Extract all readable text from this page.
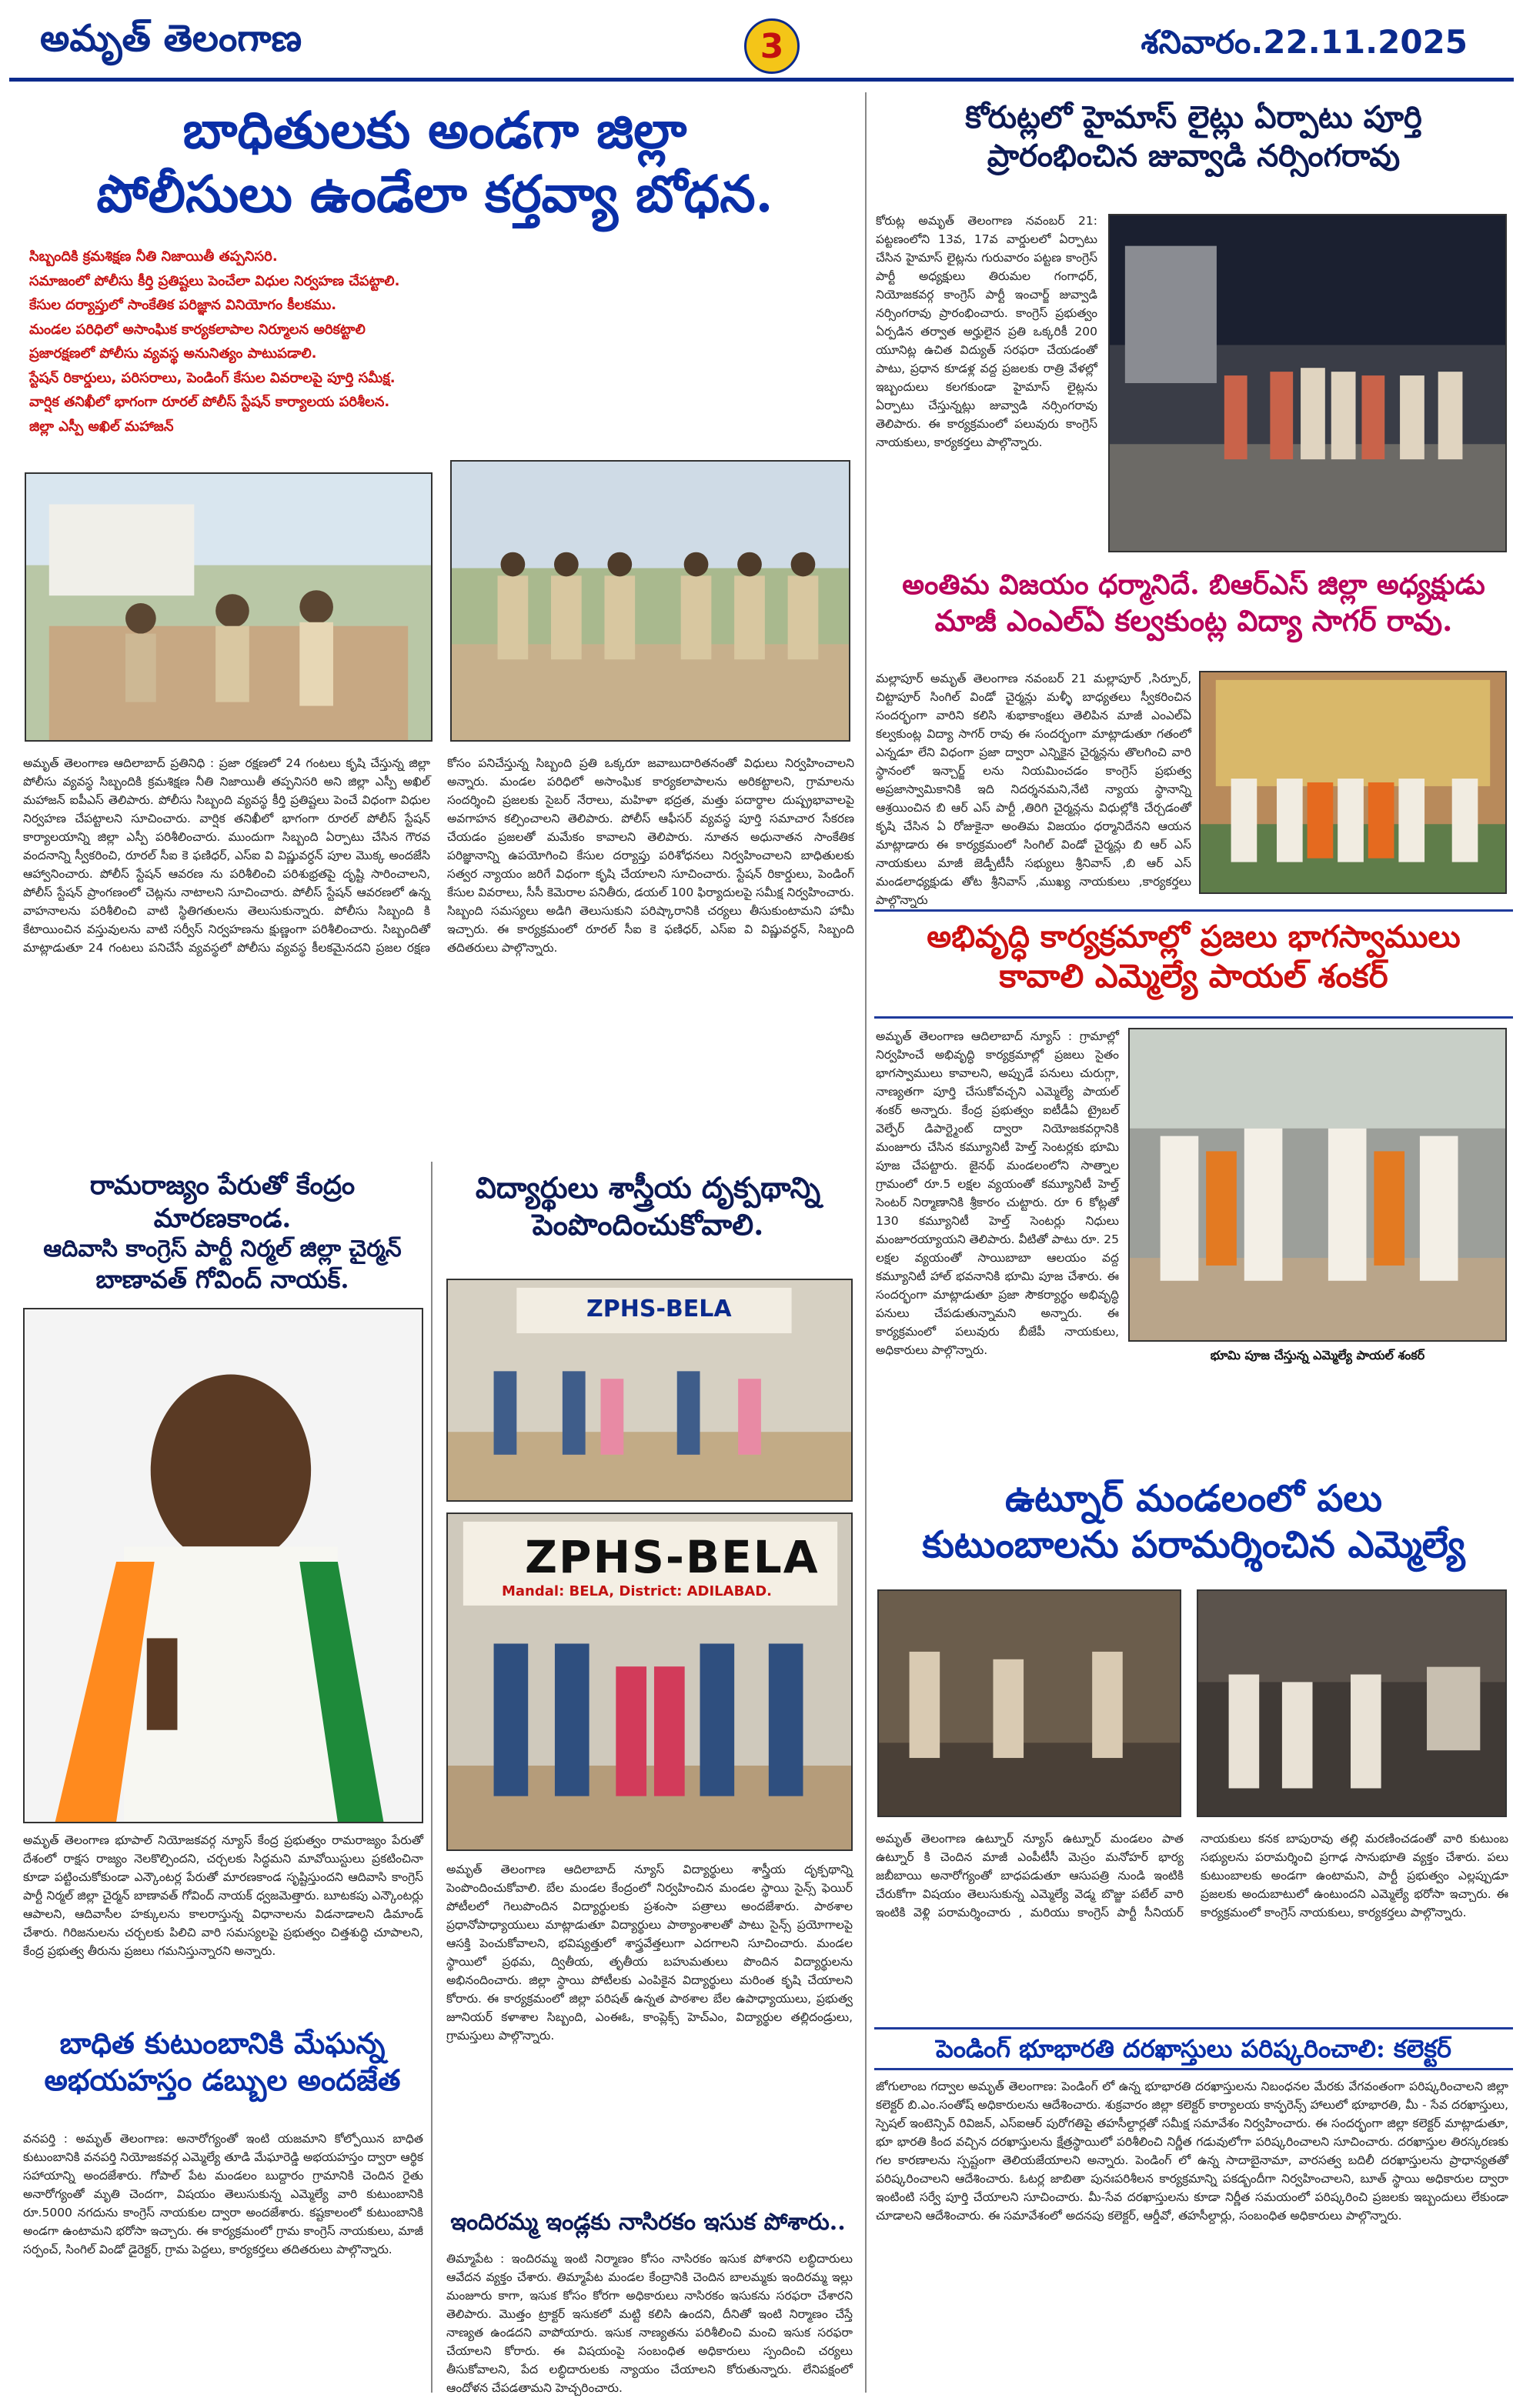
అమృత్ తెలంగాణ	3	శనివారం.22.11.2025
బాధితులకు అండగా జిల్లా
పోలీసులు ఉండేలా కర్తవ్యా బోధన.
సిబ్బందికి క్రమశిక్షణ నీతి నిజాయితీ తప్పనిసరి.
సమాజంలో పోలీసు కీర్తి ప్రతిష్టలు పెంచేలా విధుల నిర్వహణ చేపట్టాలి.
కేసుల దర్యాప్తులో సాంకేతిక పరిజ్ఞాన వినియోగం కీలకము.
మండల పరిధిలో అసాంఘిక కార్యకలాపాల నిర్మూలన అరికట్టాలి
ప్రజారక్షణలో పోలీసు వ్యవస్థ అనునిత్యం పాటుపడాలి.
స్టేషన్ రికార్డులు, పరిసరాలు, పెండింగ్ కేసుల వివరాలపై పూర్తి సమీక్ష.
వార్షిక తనిఖీలో భాగంగా రూరల్ పోలీస్ స్టేషన్ కార్యాలయ పరిశీలన.
జిల్లా ఎస్పీ అఖిల్ మహాజన్
అమృత్ తెలంగాణ ఆదిలాబాద్ ప్రతినిధి : ప్రజా రక్షణలో 24 గంటలు కృషి చేస్తున్న జిల్లా పోలీసు వ్యవస్థ సిబ్బందికి క్రమశిక్షణ నీతి నిజాయితీ తప్పనిసరి అని జిల్లా ఎస్పీ అఖిల్ మహాజన్ ఐపీఎస్ తెలిపారు. పోలీసు సిబ్బంది వ్యవస్థ కీర్తి ప్రతిష్టలు పెంచే విధంగా విధుల నిర్వహణ చేపట్టాలని సూచించారు. వార్షిక తనిఖీలో భాగంగా రూరల్ పోలీస్ స్టేషన్ కార్యాలయాన్ని జిల్లా ఎస్పీ పరిశీలించారు. ముందుగా సిబ్బంది ఏర్పాటు చేసిన గౌరవ వందనాన్ని స్వీకరించి, రూరల్ సీఐ కె ఫణిధర్, ఎస్ఐ వి విష్ణువర్ధన్ పూల మొక్క అందజేసి ఆహ్వానించారు. పోలీస్ స్టేషన్ ఆవరణ ను పరిశీలించి పరిశుభ్రతపై దృష్టి సారించాలని, పోలీస్ స్టేషన్ ప్రాంగణంలో చెట్లను నాటాలని సూచించారు. పోలీస్ స్టేషన్ ఆవరణలో ఉన్న వాహనాలను పరిశీలించి వాటి స్థితిగతులను తెలుసుకున్నారు. పోలీసు సిబ్బంది కి కేటాయించిన వస్తువులను వాటి సర్వీస్ నిర్వహణను క్షుణ్ణంగా పరిశీలించారు. సిబ్బందితో మాట్లాడుతూ 24 గంటలు పనిచేసే వ్యవస్థలో పోలీసు వ్యవస్థ కీలకమైనదని ప్రజల రక్షణ కోసం పనిచేస్తున్న సిబ్బంది ప్రతి ఒక్కరూ జవాబుదారితనంతో విధులు నిర్వహించాలని అన్నారు. మండల పరిధిలో అసాంఘిక కార్యకలాపాలను అరికట్టాలని, గ్రామాలను సందర్శించి ప్రజలకు సైబర్ నేరాలు, మహిళా భద్రత, మత్తు పదార్థాల దుష్ప్రభావాలపై అవగాహన కల్పించాలని తెలిపారు. పోలీస్ ఆఫీసర్ వ్యవస్థ పూర్తి సమాచార సేకరణ చేయడం ప్రజలతో మమేకం కావాలని తెలిపారు. నూతన అధునాతన సాంకేతిక పరిజ్ఞానాన్ని ఉపయోగించి కేసుల దర్యాప్తు పరిశోధనలు నిర్వహించాలని బాధితులకు సత్వర న్యాయం జరిగే విధంగా కృషి చేయాలని సూచించారు. స్టేషన్ రికార్డులు, పెండింగ్ కేసుల వివరాలు, సీసీ కెమెరాల పనితీరు, డయల్ 100 ఫిర్యాదులపై సమీక్ష నిర్వహించారు. సిబ్బంది సమస్యలు అడిగి తెలుసుకుని పరిష్కారానికి చర్యలు తీసుకుంటామని హామీ ఇచ్చారు. ఈ కార్యక్రమంలో రూరల్ సీఐ కె ఫణిధర్, ఎస్ఐ వి విష్ణువర్ధన్, సిబ్బంది తదితరులు పాల్గొన్నారు.
కోరుట్లలో హైమాస్ లైట్లు ఏర్పాటు పూర్తి
ప్రారంభించిన జువ్వాడి నర్సింగరావు
కోరుట్ల అమృత్ తెలంగాణ నవంబర్ 21: పట్టణంలోని 13వ, 17వ వార్డులలో ఏర్పాటు చేసిన హైమాస్ లైట్లను గురువారం పట్టణ కాంగ్రెస్ పార్టీ అధ్యక్షులు తిరుమల గంగాధర్, నియోజకవర్గ కాంగ్రెస్ పార్టీ ఇంచార్జ్ జువ్వాడి నర్సింగరావు ప్రారంభించారు. కాంగ్రెస్ ప్రభుత్వం ఏర్పడిన తర్వాత అర్హులైన ప్రతి ఒక్కరికీ 200 యూనిట్ల ఉచిత విద్యుత్ సరఫరా చేయడంతో పాటు, ప్రధాన కూడళ్ల వద్ద ప్రజలకు రాత్రి వేళల్లో ఇబ్బందులు కలగకుండా హైమాస్ లైట్లను ఏర్పాటు చేస్తున్నట్లు జువ్వాడి నర్సింగరావు తెలిపారు. ఈ కార్యక్రమంలో పలువురు కాంగ్రెస్ నాయకులు, కార్యకర్తలు పాల్గొన్నారు.
అంతిమ విజయం ధర్మానిదే. బిఆర్ఎస్ జిల్లా అధ్యక్షుడు
మాజీ ఎంఎల్ఏ కల్వకుంట్ల విద్యా సాగర్ రావు.
మల్లాపూర్ అమృత్ తెలంగాణ నవంబర్ 21 మల్లాపూర్ ,సిర్పూర్, చిట్టాపూర్ సింగిల్ విండో చైర్మన్లు మళ్ళీ బాధ్యతలు స్వీకరించిన సందర్భంగా వారిని కలిసి శుభాకాంక్షలు తెలిపిన మాజీ ఎంఎల్ఏ కల్వకుంట్ల విద్యా సాగర్ రావు ఈ సందర్భంగా మాట్లాడుతూ గతంలో ఎన్నడూ లేని విధంగా ప్రజా ద్వారా ఎన్నికైన చైర్మన్లను తొలగించి వారి స్థానంలో ఇన్చార్జ్ లను నియమించడం కాంగ్రెస్ ప్రభుత్వ అప్రజాస్వామికానికి ఇది నిదర్శనమని,నేటి న్యాయ స్థానాన్ని ఆశ్రయించిన బి ఆర్ ఎస్ పార్టీ ,తిరిగి చైర్మన్లను విధుల్లోకి చేర్చడంతో కృషి చేసిన ఏ రోజుకైనా అంతిమ విజయం ధర్మానిదేనని ఆయన మాట్లాడారు ఈ కార్యక్రమంలో సింగిల్ విండో చైర్మన్లు బి ఆర్ ఎస్ నాయకులు మాజీ జెడ్పీటీసీ సభ్యులు శ్రీనివాస్ ,బి ఆర్ ఎస్ మండలాధ్యక్షుడు తోట శ్రీనివాస్ ,ముఖ్య నాయకులు ,కార్యకర్తలు పాల్గొన్నారు
అభివృద్ధి కార్యక్రమాల్లో ప్రజలు భాగస్వాములు
కావాలి ఎమ్మెల్యే పాయల్ శంకర్
అమృత్ తెలంగాణ ఆదిలాబాద్ న్యూస్ : గ్రామాల్లో నిర్వహించే అభివృద్ధి కార్యక్రమాల్లో ప్రజలు సైతం భాగస్వాములు కావాలని, అప్పుడే పనులు చురుగ్గా, నాణ్యతగా పూర్తి చేసుకోవచ్చని ఎమ్మెల్యే పాయల్ శంకర్ అన్నారు. కేంద్ర ప్రభుత్వం ఐటీడీఏ ట్రైబల్ వెల్ఫేర్ డిపార్ట్మెంట్ ద్వారా నియోజకవర్గానికి మంజూరు చేసిన కమ్యూనిటీ హెల్త్ సెంటర్లకు భూమి పూజ చేపట్టారు. జైనథ్ మండలంలోని సాత్నాల గ్రామంలో రూ.5 లక్షల వ్యయంతో కమ్యూనిటీ హెల్త్ సెంటర్ నిర్మాణానికి శ్రీకారం చుట్టారు. రూ 6 కోట్లతో 130 కమ్యూనిటీ హెల్త్ సెంటర్లు నిధులు మంజూరయ్యాయని తెలిపారు. వీటితో పాటు రూ. 25 లక్షల వ్యయంతో సాయిబాబా ఆలయం వద్ద కమ్యూనిటీ హాల్ భవనానికి భూమి పూజ చేశారు. ఈ సందర్భంగా మాట్లాడుతూ ప్రజా సౌకర్యార్థం అభివృద్ధి పనులు చేపడుతున్నామని అన్నారు. ఈ కార్యక్రమంలో పలువురు బీజేపీ నాయకులు, అధికారులు పాల్గొన్నారు.	భూమి పూజ చేస్తున్న ఎమ్మెల్యే పాయల్ శంకర్
ఉట్నూర్ మండలంలో పలు
కుటుంబాలను పరామర్శించిన ఎమ్మెల్యే
అమృత్ తెలంగాణ ఉట్నూర్ న్యూస్ ఉట్నూర్ మండలం పాత ఉట్నూర్ కి చెందిన మాజీ ఎంపీటీసీ మెస్రం మనోహర్ భార్య జబీబాయి అనారోగ్యంతో బాధపడుతూ ఆసుపత్రి నుండి ఇంటికి చేరుకోగా విషయం తెలుసుకున్న ఎమ్మెల్యే వెడ్మ బొజ్జు పటేల్ వారి ఇంటికి వెళ్లి పరామర్శించారు , మరియు కాంగ్రెస్ పార్టీ సీనియర్ నాయకులు కనక బాపురావు తల్లి మరణించడంతో వారి కుటుంబ సభ్యులను పరామర్శించి ప్రగాఢ సానుభూతి వ్యక్తం చేశారు. పలు కుటుంబాలకు అండగా ఉంటామని, పార్టీ ప్రభుత్వం ఎల్లప్పుడూ ప్రజలకు అందుబాటులో ఉంటుందని ఎమ్మెల్యే భరోసా ఇచ్చారు. ఈ కార్యక్రమంలో కాంగ్రెస్ నాయకులు, కార్యకర్తలు పాల్గొన్నారు.
పెండింగ్ భూభారతి దరఖాస్తులు పరిష్కరించాలి: కలెక్టర్
జోగులాంబ గద్వాల అమృత్ తెలంగాణ: పెండింగ్ లో ఉన్న భూభారతి దరఖాస్తులను నిబంధనల మేరకు వేగవంతంగా పరిష్కరించాలని జిల్లా కలెక్టర్ బి.ఎం.సంతోష్ అధికారులను ఆదేశించారు. శుక్రవారం జిల్లా కలెక్టర్ కార్యాలయ కాన్ఫరెన్స్ హాలులో భూభారతి, మీ - సేవ దరఖాస్తులు, స్పెషల్ ఇంటెన్సివ్ రివిజన్, ఎస్ఐఆర్ పురోగతిపై తహసీల్దార్లతో సమీక్ష సమావేశం నిర్వహించారు. ఈ సందర్భంగా జిల్లా కలెక్టర్ మాట్లాడుతూ, భూ భారతి కింద వచ్చిన దరఖాస్తులను క్షేత్రస్థాయిలో పరిశీలించి నిర్ణీత గడువులోగా పరిష్కరించాలని సూచించారు. దరఖాస్తుల తిరస్కరణకు గల కారణాలను స్పష్టంగా తెలియజేయాలని అన్నారు. పెండింగ్ లో ఉన్న సాదాబైనామా, వారసత్వ బదిలీ దరఖాస్తులను ప్రాధాన్యతతో పరిష్కరించాలని ఆదేశించారు. ఓటర్ల జాబితా పునఃపరిశీలన కార్యక్రమాన్ని పకడ్బందీగా నిర్వహించాలని, బూత్ స్థాయి అధికారుల ద్వారా ఇంటింటి సర్వే పూర్తి చేయాలని సూచించారు. మీ-సేవ దరఖాస్తులను కూడా నిర్ణీత సమయంలో పరిష్కరించి ప్రజలకు ఇబ్బందులు లేకుండా చూడాలని ఆదేశించారు. ఈ సమావేశంలో అదనపు కలెక్టర్, ఆర్డీవో, తహసీల్దార్లు, సంబంధిత అధికారులు పాల్గొన్నారు.
రామరాజ్యం పేరుతో కేంద్రం మారణకాండ.
ఆదివాసి కాంగ్రెస్ పార్టీ నిర్మల్ జిల్లా చైర్మన్
బాణావత్ గోవింద్ నాయక్.
అమృత్ తెలంగాణ భూపాల్ నియోజకవర్గ న్యూస్ కేంద్ర ప్రభుత్వం రామరాజ్యం పేరుతో దేశంలో రాక్షస రాజ్యం నెలకొల్పిందని, చర్చలకు సిద్ధమని మావోయిస్టులు ప్రకటించినా కూడా పట్టించుకోకుండా ఎన్కౌంటర్ల పేరుతో మారణకాండ సృష్టిస్తుందని ఆదివాసి కాంగ్రెస్ పార్టీ నిర్మల్ జిల్లా చైర్మన్ బాణావత్ గోవింద్ నాయక్ ధ్వజమెత్తారు. బూటకపు ఎన్కౌంటర్లు ఆపాలని, ఆదివాసీల హక్కులను కాలరాస్తున్న విధానాలను విడనాడాలని డిమాండ్ చేశారు. గిరిజనులను చర్చలకు పిలిచి వారి సమస్యలపై ప్రభుత్వం చిత్తశుద్ధి చూపాలని, కేంద్ర ప్రభుత్వ తీరును ప్రజలు గమనిస్తున్నారని అన్నారు.
బాధిత కుటుంబానికి మేఘన్న
అభయహస్తం డబ్బుల అందజేత
వనపర్తి : అమృత్ తెలంగాణ: అనారోగ్యంతో ఇంటి యజమాని కోల్పోయిన బాధిత కుటుంబానికి వనపర్తి నియోజకవర్గ ఎమ్మెల్యే తూడి మేఘారెడ్డి అభయహస్తం ద్వారా ఆర్థిక సహాయాన్ని అందజేశారు. గోపాల్ పేట మండలం బుద్దారం గ్రామానికి చెందిన రైతు అనారోగ్యంతో మృతి చెందగా, విషయం తెలుసుకున్న ఎమ్మెల్యే వారి కుటుంబానికి రూ.5000 నగదును కాంగ్రెస్ నాయకుల ద్వారా అందజేశారు. కష్టకాలంలో కుటుంబానికి అండగా ఉంటామని భరోసా ఇచ్చారు. ఈ కార్యక్రమంలో గ్రామ కాంగ్రెస్ నాయకులు, మాజీ సర్పంచ్, సింగిల్ విండో డైరెక్టర్, గ్రామ పెద్దలు, కార్యకర్తలు తదితరులు పాల్గొన్నారు.
విద్యార్థులు శాస్త్రీయ దృక్పథాన్ని
పెంపొందించుకోవాలి.
ZPHS-BELA
ZPHS-BELA
Mandal: BELA, District: ADILABAD.
అమృత్ తెలంగాణ ఆదిలాబాద్ న్యూస్ విద్యార్థులు శాస్త్రీయ దృక్పథాన్ని పెంపొందించుకోవాలి. బేల మండల కేంద్రంలో నిర్వహించిన మండల స్థాయి సైన్స్ ఫెయిర్ పోటీలలో గెలుపొందిన విద్యార్థులకు ప్రశంసా పత్రాలు అందజేశారు. పాఠశాల ప్రధానోపాధ్యాయులు మాట్లాడుతూ విద్యార్థులు పాఠ్యాంశాలతో పాటు సైన్స్ ప్రయోగాలపై ఆసక్తి పెంచుకోవాలని, భవిష్యత్తులో శాస్త్రవేత్తలుగా ఎదగాలని సూచించారు. మండల స్థాయిలో ప్రథమ, ద్వితీయ, తృతీయ బహుమతులు పొందిన విద్యార్థులను అభినందించారు. జిల్లా స్థాయి పోటీలకు ఎంపికైన విద్యార్థులు మరింత కృషి చేయాలని కోరారు. ఈ కార్యక్రమంలో జిల్లా పరిషత్ ఉన్నత పాఠశాల బేల ఉపాధ్యాయులు, ప్రభుత్వ జూనియర్ కళాశాల సిబ్బంది, ఎంఈఓ, కాంప్లెక్స్ హెచ్ఎం, విద్యార్థుల తల్లిదండ్రులు, గ్రామస్తులు పాల్గొన్నారు.
ఇందిరమ్మ ఇండ్లకు నాసిరకం ఇసుక పోశారు..
తిమ్మాపేట : ఇందిరమ్మ ఇంటి నిర్మాణం కోసం నాసిరకం ఇసుక పోశారని లబ్ధిదారులు ఆవేదన వ్యక్తం చేశారు. తిమ్మాపేట మండల కేంద్రానికి చెందిన బాలమ్మకు ఇందిరమ్మ ఇల్లు మంజూరు కాగా, ఇసుక కోసం కోరగా అధికారులు నాసిరకం ఇసుకను సరఫరా చేశారని తెలిపారు. మొత్తం ట్రాక్టర్ ఇసుకలో మట్టి కలిసి ఉందని, దీనితో ఇంటి నిర్మాణం చేస్తే నాణ్యత ఉండదని వాపోయారు. ఇసుక నాణ్యతను పరిశీలించి మంచి ఇసుక సరఫరా చేయాలని కోరారు. ఈ విషయంపై సంబంధిత అధికారులు స్పందించి చర్యలు తీసుకోవాలని, పేద లబ్ధిదారులకు న్యాయం చేయాలని కోరుతున్నారు. లేనిపక్షంలో ఆందోళన చేపడతామని హెచ్చరించారు.
